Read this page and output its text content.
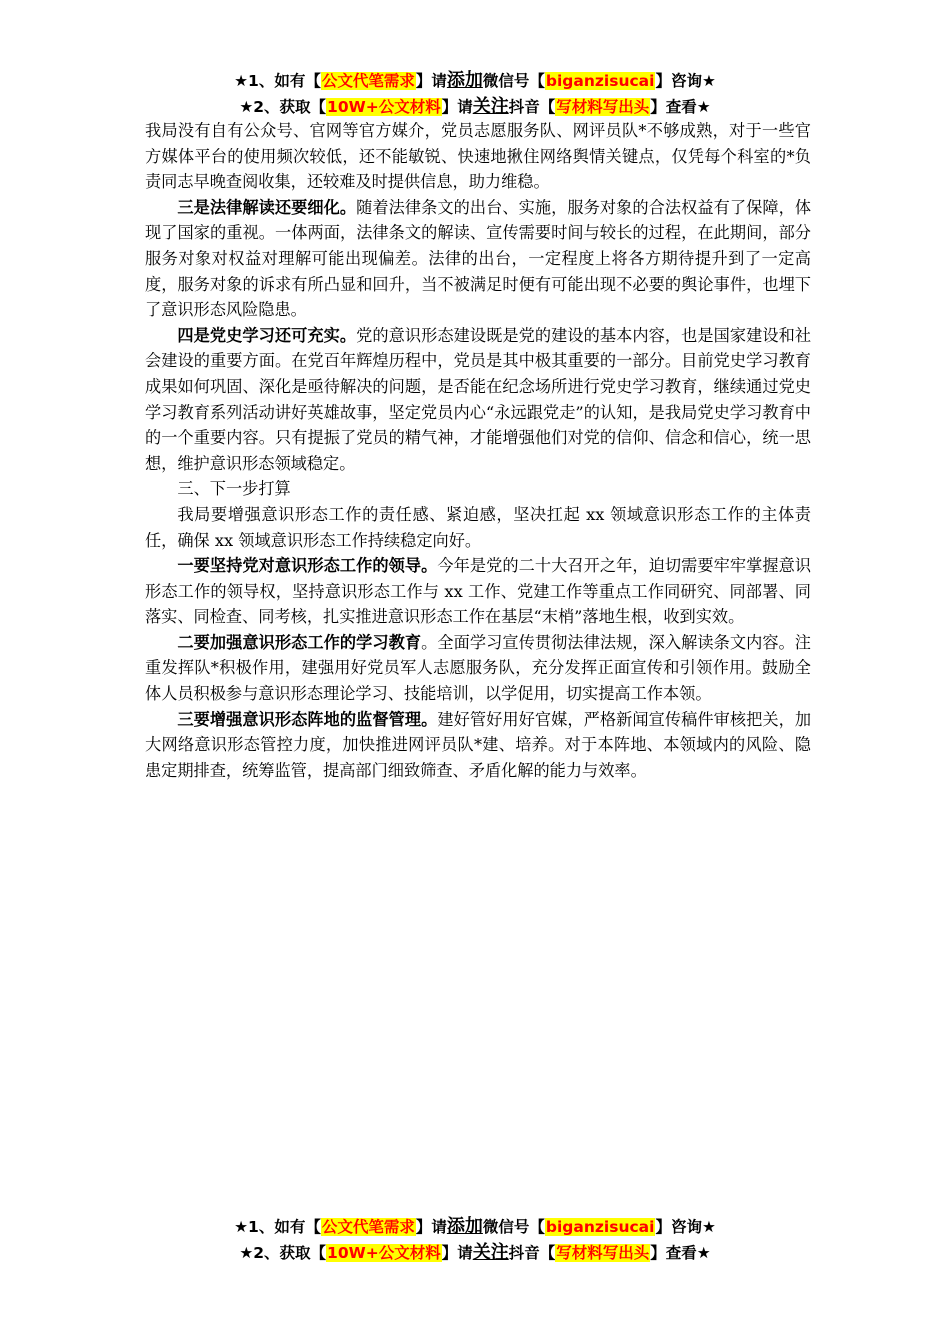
★1、如有【公文代笔需求】请添加微信号【biganzisucai】咨询★
★2、获取【10W+公文材料】请关注抖音【写材料写出头】查看★

我局没有自有公众号、官网等官方媒介，党员志愿服务队、网评员队*不够成熟，对于一些官方媒体平台的使用频次较低，还不能敏锐、快速地揪住网络舆情关键点，仅凭每个科室的*负责同志早晚查阅收集，还较难及时提供信息，助力维稳。

三是法律解读还要细化。随着法律条文的出台、实施，服务对象的合法权益有了保障，体现了国家的重视。一体两面，法律条文的解读、宣传需要时间与较长的过程，在此期间，部分服务对象对权益对理解可能出现偏差。法律的出台，一定程度上将各方期待提升到了一定高度，服务对象的诉求有所凸显和回升，当不被满足时便有可能出现不必要的舆论事件，也埋下了意识形态风险隐患。

四是党史学习还可充实。党的意识形态建设既是党的建设的基本内容，也是国家建设和社会建设的重要方面。在党百年辉煌历程中，党员是其中极其重要的一部分。目前党史学习教育成果如何巩固、深化是亟待解决的问题，是否能在纪念场所进行党史学习教育，继续通过党史学习教育系列活动讲好英雄故事，坚定党员内心“永远跟党走”的认知，是我局党史学习教育中的一个重要内容。只有提振了党员的精气神，才能增强他们对党的信仰、信念和信心，统一思想，维护意识形态领域稳定。

三、下一步打算

我局要增强意识形态工作的责任感、紧迫感，坚决扛起 xx 领域意识形态工作的主体责任，确保 xx 领域意识形态工作持续稳定向好。

一要坚持党对意识形态工作的领导。今年是党的二十大召开之年，迫切需要牢牢掌握意识形态工作的领导权，坚持意识形态工作与 xx 工作、党建工作等重点工作同研究、同部署、同落实、同检查、同考核，扎实推进意识形态工作在基层“末梢”落地生根，收到实效。

二要加强意识形态工作的学习教育。全面学习宣传贯彻法律法规，深入解读条文内容。注重发挥队*积极作用，建强用好党员军人志愿服务队，充分发挥正面宣传和引领作用。鼓励全体人员积极参与意识形态理论学习、技能培训，以学促用，切实提高工作本领。

三要增强意识形态阵地的监督管理。建好管好用好官媒，严格新闻宣传稿件审核把关，加大网络意识形态管控力度，加快推进网评员队*建、培养。对于本阵地、本领域内的风险、隐患定期排查，统筹监管，提高部门细致筛查、矛盾化解的能力与效率。

★1、如有【公文代笔需求】请添加微信号【biganzisucai】咨询★
★2、获取【10W+公文材料】请关注抖音【写材料写出头】查看★
